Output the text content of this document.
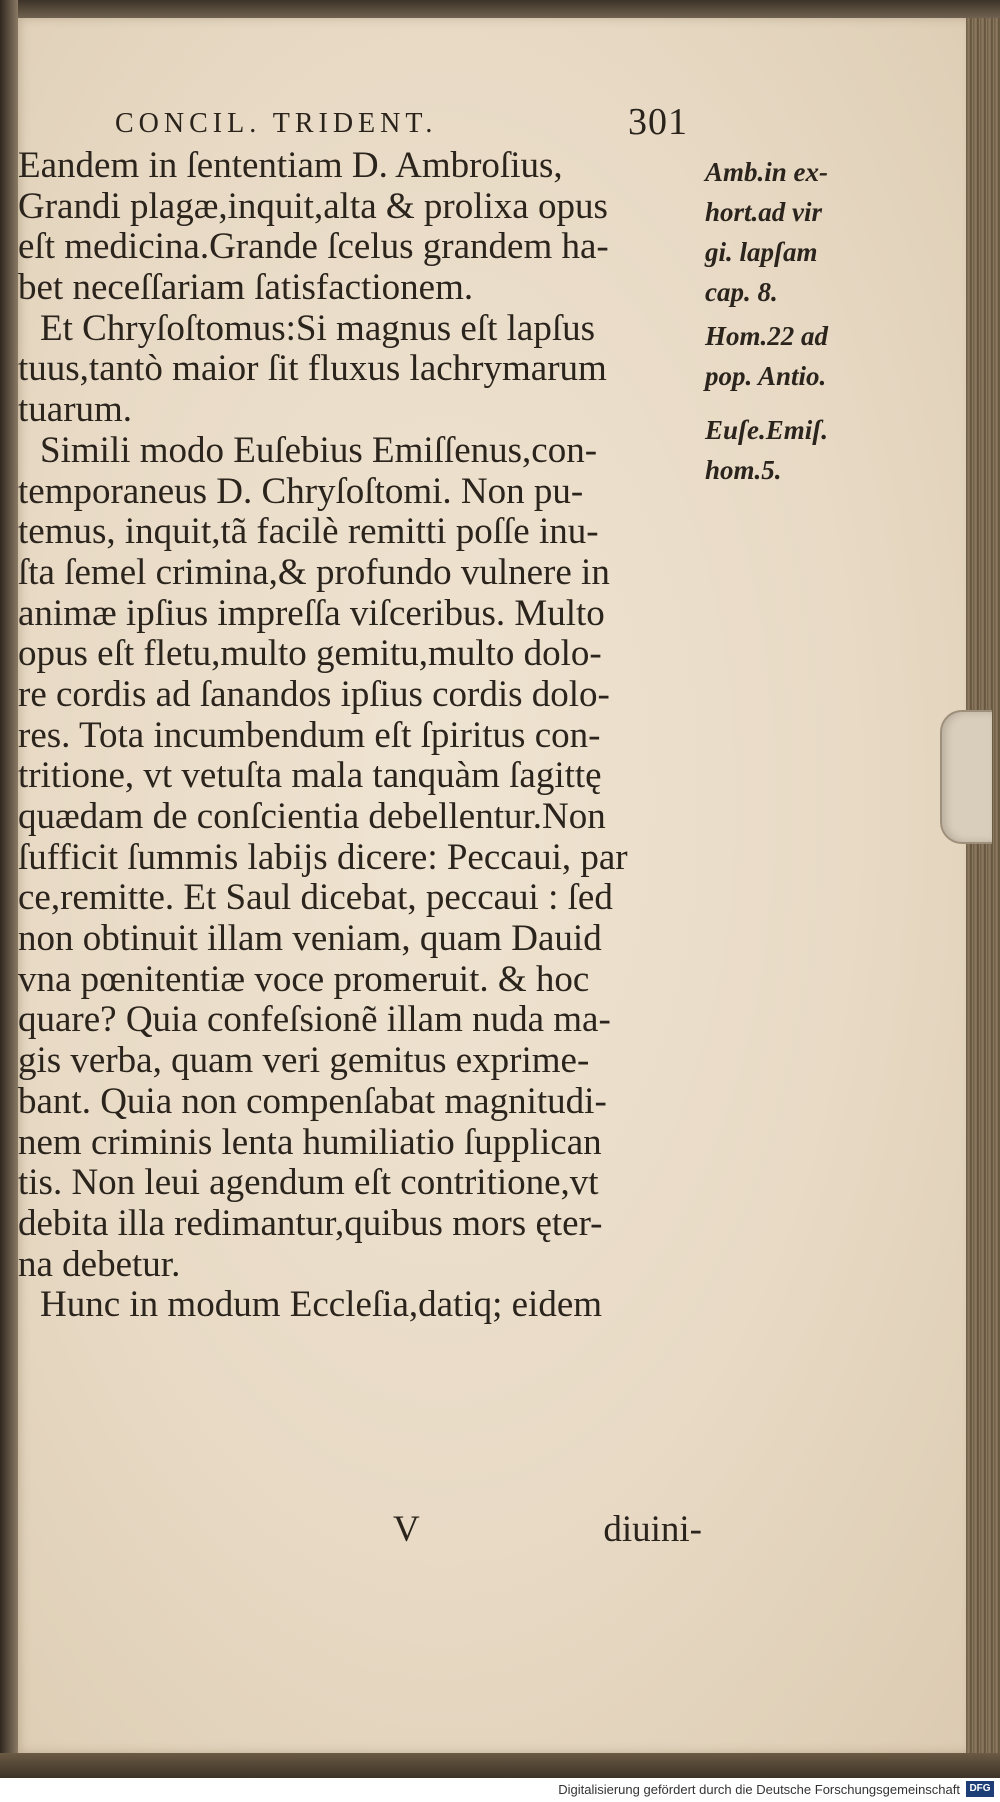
CONCIL. TRIDENT.	301
Eandem in ſententiam D. Ambroſius,
Grandi plagæ,inquit,alta & prolixa opus
eſt medicina.Grande ſcelus grandem ha-
bet neceſſariam ſatisfactionem.
Et Chryſoſtomus:Si magnus eſt lapſus
tuus,tantò maior ſit fluxus lachrymarum
tuarum.
Simili modo Euſebius Emiſſenus,con-
temporaneus D. Chryſoſtomi. Non pu-
temus, inquit,tã facilè remitti poſſe inu-
ſta ſemel crimina,& profundo vulnere in
animæ ipſius impreſſa viſceribus. Multo
opus eſt fletu,multo gemitu,multo dolo-
re cordis ad ſanandos ipſius cordis dolo-
res. Tota incumbendum eſt ſpiritus con-
tritione, vt vetuſta mala tanquàm ſagittę
quædam de conſcientia debellentur.Non
ſufficit ſummis labijs dicere: Peccaui, par
ce,remitte. Et Saul dicebat, peccaui : ſed
non obtinuit illam veniam, quam Dauid
vna pœnitentiæ voce promeruit. & hoc
quare? Quia confeſsionẽ illam nuda ma-
gis verba, quam veri gemitus exprime-
bant. Quia non compenſabat magnitudi-
nem criminis lenta humiliatio ſupplican
tis. Non leui agendum eſt contritione,vt
debita illa redimantur,quibus mors ęter-
na debetur.
Hunc in modum Eccleſia,datiq; eidem
V	diuini-
Amb.in ex-
hort.ad vir
gi. lapſam
cap. 8.
Hom.22 ad
pop. Antio.
Euſe.Emiſ.
hom.5.
Digitalisierung gefördert durch die Deutsche Forschungsgemeinschaft DFG
